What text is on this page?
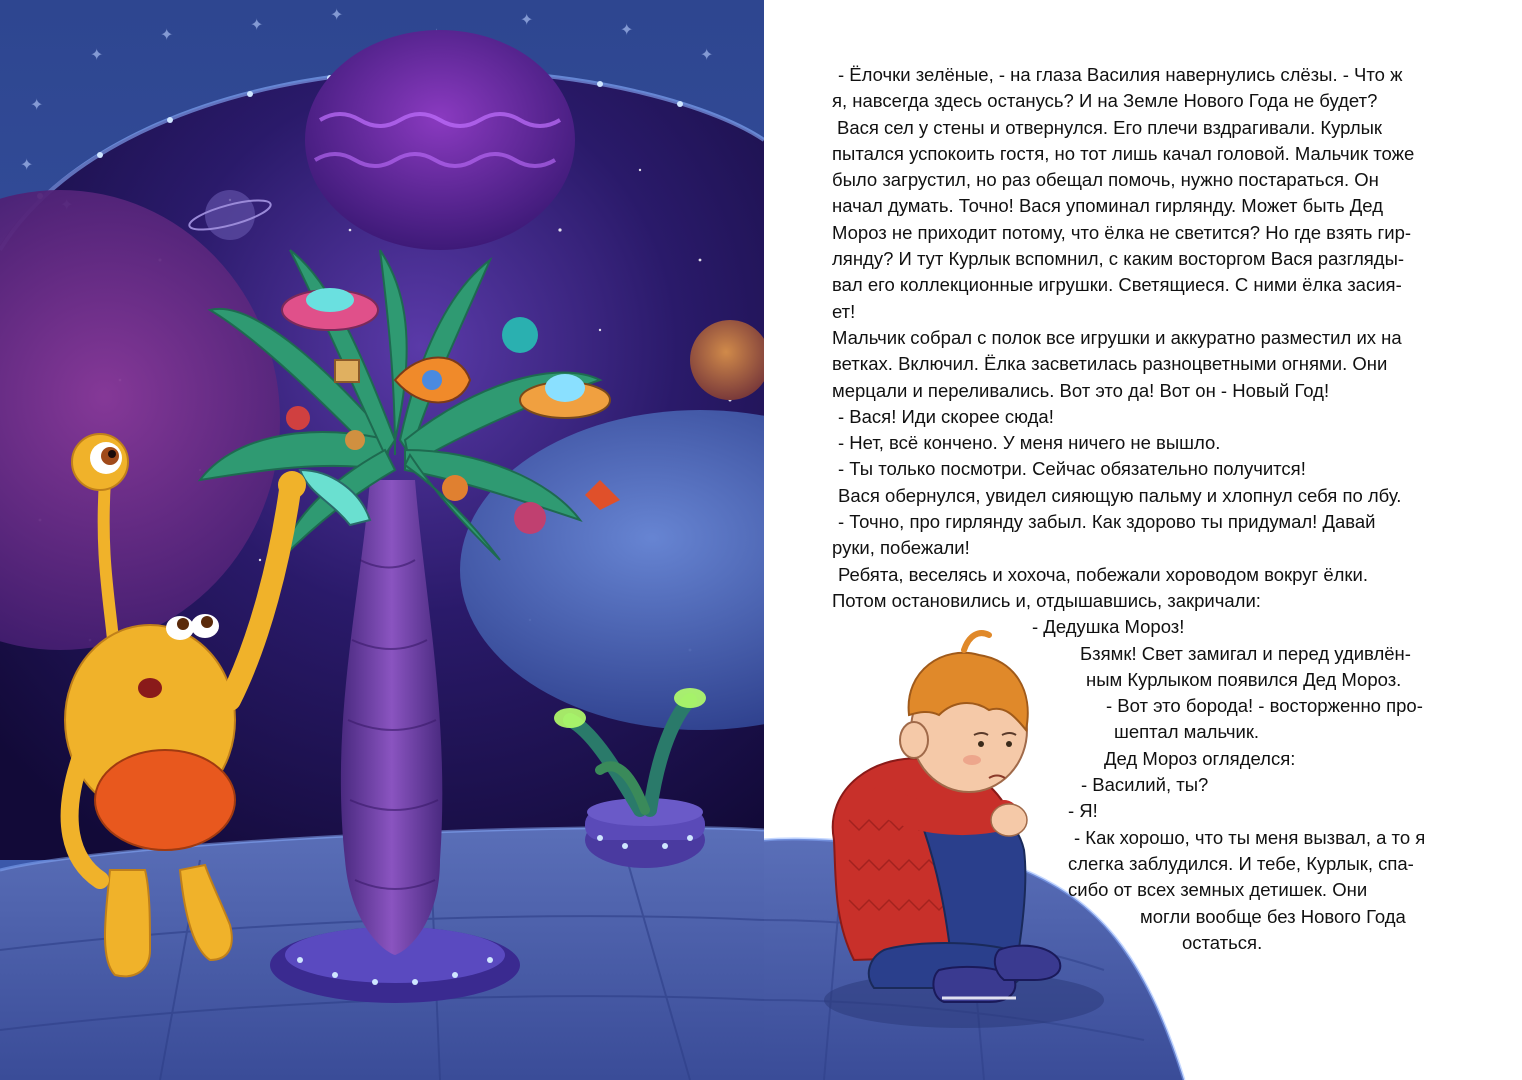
✦
✦
✦
✦
✦	✦
✦
✦
✦
- Ёлочки зелёные, - на глаза Василия навернулись слёзы. - Что ж
я, навсегда здесь останусь? И на Земле Нового Года не будет?
Вася сел у стены и отвернулся. Его плечи вздрагивали. Курлык
пытался успокоить гостя, но тот лишь качал головой. Мальчик тоже
было загрустил, но раз обещал помочь, нужно постараться. Он
начал думать. Точно! Вася упоминал гирлянду. Может быть Дед
Мороз не приходит потому, что ёлка не светится? Но где взять гир-
лянду? И тут Курлык вспомнил, с каким восторгом Вася разгляды-
вал его коллекционные игрушки. Светящиеся. С ними ёлка засия-
ет!
Мальчик собрал с полок все игрушки и аккуратно разместил их на
ветках. Включил. Ёлка засветилась разноцветными огнями. Они
мерцали и переливались. Вот это да! Вот он - Новый Год!
- Вася! Иди скорее сюда!
- Нет, всё кончено. У меня ничего не вышло.
- Ты только посмотри. Сейчас обязательно получится!
Вася обернулся, увидел сияющую пальму и хлопнул себя по лбу.
- Точно, про гирлянду забыл. Как здорово ты придумал! Давай
руки, побежали!
Ребята, веселясь и хохоча, побежали хороводом вокруг ёлки.
Потом остановились и, отдышавшись, закричали:
- Дедушка Мороз!
Бзямк! Свет замигал и перед удивлён-
ным Курлыком появился Дед Мороз.
- Вот это борода! - восторженно про-
шептал мальчик.
Дед Мороз огляделся:
- Василий, ты?
- Я!
- Как хорошо, что ты меня вызвал, а то я
слегка заблудился. И тебе, Курлык, спа-
сибо от всех земных детишек. Они
могли вообще без Нового Года
остаться.
